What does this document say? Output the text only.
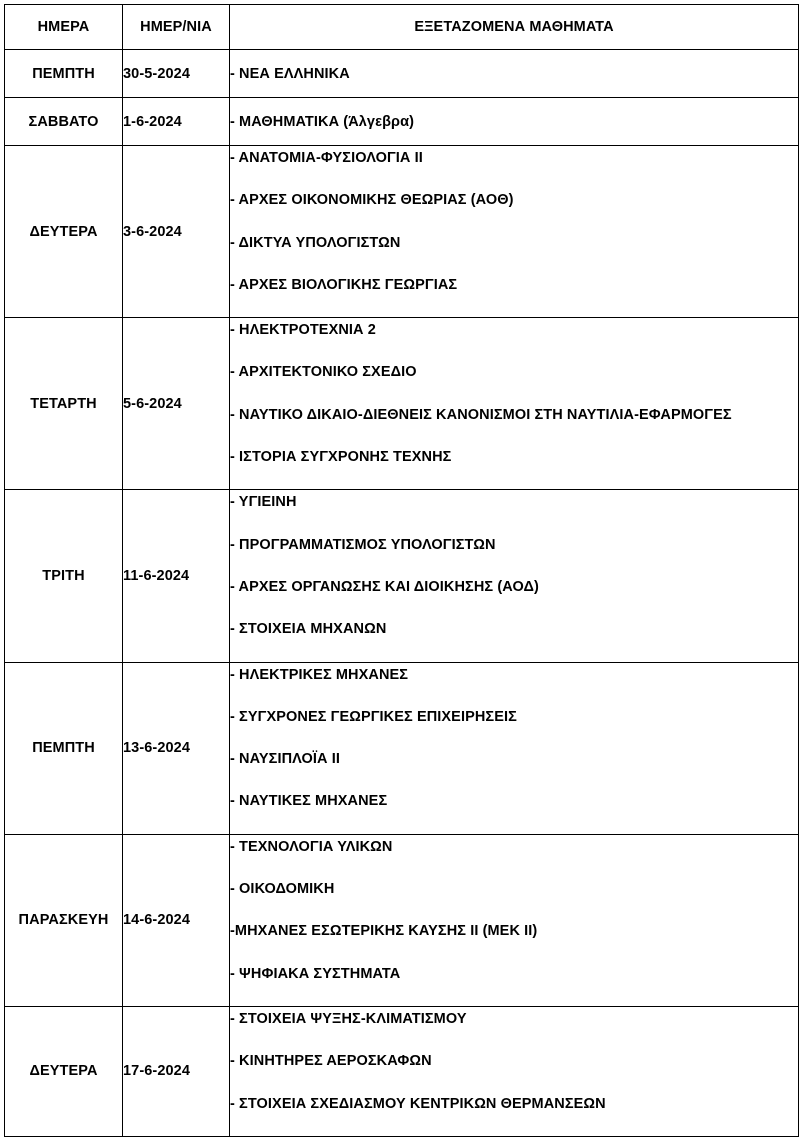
ΗΜΕΡΑ	ΗΜΕΡ/ΝΙΑ	ΕΞΕΤΑΖΟΜΕΝΑ ΜΑΘΗΜΑΤΑ
ΠΕΜΠΤΗ	30-5-2024	- ΝΕΑ ΕΛΛΗΝΙΚΑ
ΣΑΒΒΑΤΟ	1-6-2024	- ΜΑΘΗΜΑΤΙΚΑ (Άλγεβρα)
ΔΕΥΤΕΡΑ	3-6-2024	- ΑΝΑΤΟΜΙΑ-ΦΥΣΙΟΛΟΓΙΑ ΙΙ
- ΑΡΧΕΣ ΟΙΚΟΝΟΜΙΚΗΣ ΘΕΩΡΙΑΣ (ΑΟΘ)
- ΔΙΚΤΥΑ ΥΠΟΛΟΓΙΣΤΩΝ
- ΑΡΧΕΣ ΒΙΟΛΟΓΙΚΗΣ ΓΕΩΡΓΙΑΣ

ΤΕΤΑΡΤΗ	5-6-2024	- ΗΛΕΚΤΡΟΤΕΧΝΙΑ 2
- ΑΡΧΙΤΕΚΤΟΝΙΚΟ ΣΧΕΔΙΟ
- ΝΑΥΤΙΚΟ ΔΙΚΑΙΟ-ΔΙΕΘΝΕΙΣ ΚΑΝΟΝΙΣΜΟΙ ΣΤΗ ΝΑΥΤΙΛΙΑ-ΕΦΑΡΜΟΓΕΣ
- ΙΣΤΟΡΙΑ ΣΥΓΧΡΟΝΗΣ ΤΕΧΝΗΣ

ΤΡΙΤΗ	11-6-2024	- ΥΓΙΕΙΝΗ
- ΠΡΟΓΡΑΜΜΑΤΙΣΜΟΣ ΥΠΟΛΟΓΙΣΤΩΝ
- ΑΡΧΕΣ ΟΡΓΑΝΩΣΗΣ ΚΑΙ ΔΙΟΙΚΗΣΗΣ (ΑΟΔ)
- ΣΤΟΙΧΕΙΑ ΜΗΧΑΝΩΝ

ΠΕΜΠΤΗ	13-6-2024	- ΗΛΕΚΤΡΙΚΕΣ ΜΗΧΑΝΕΣ
- ΣΥΓΧΡΟΝΕΣ ΓΕΩΡΓΙΚΕΣ ΕΠΙΧΕΙΡΗΣΕΙΣ
- ΝΑΥΣΙΠΛΟΪΑ ΙΙ
- ΝΑΥΤΙΚΕΣ ΜΗΧΑΝΕΣ

ΠΑΡΑΣΚΕΥΗ	14-6-2024	- ΤΕΧΝΟΛΟΓΙΑ ΥΛΙΚΩΝ
- ΟΙΚΟΔΟΜΙΚΗ
-ΜΗΧΑΝΕΣ ΕΣΩΤΕΡΙΚΗΣ ΚΑΥΣΗΣ ΙΙ (ΜΕΚ ΙΙ)
- ΨΗΦΙΑΚΑ ΣΥΣΤΗΜΑΤΑ

ΔΕΥΤΕΡΑ	17-6-2024	- ΣΤΟΙΧΕΙΑ ΨΥΞΗΣ-ΚΛΙΜΑΤΙΣΜΟΥ
- ΚΙΝΗΤΗΡΕΣ ΑΕΡΟΣΚΑΦΩΝ
- ΣΤΟΙΧΕΙΑ ΣΧΕΔΙΑΣΜΟΥ ΚΕΝΤΡΙΚΩΝ ΘΕΡΜΑΝΣΕΩΝ
